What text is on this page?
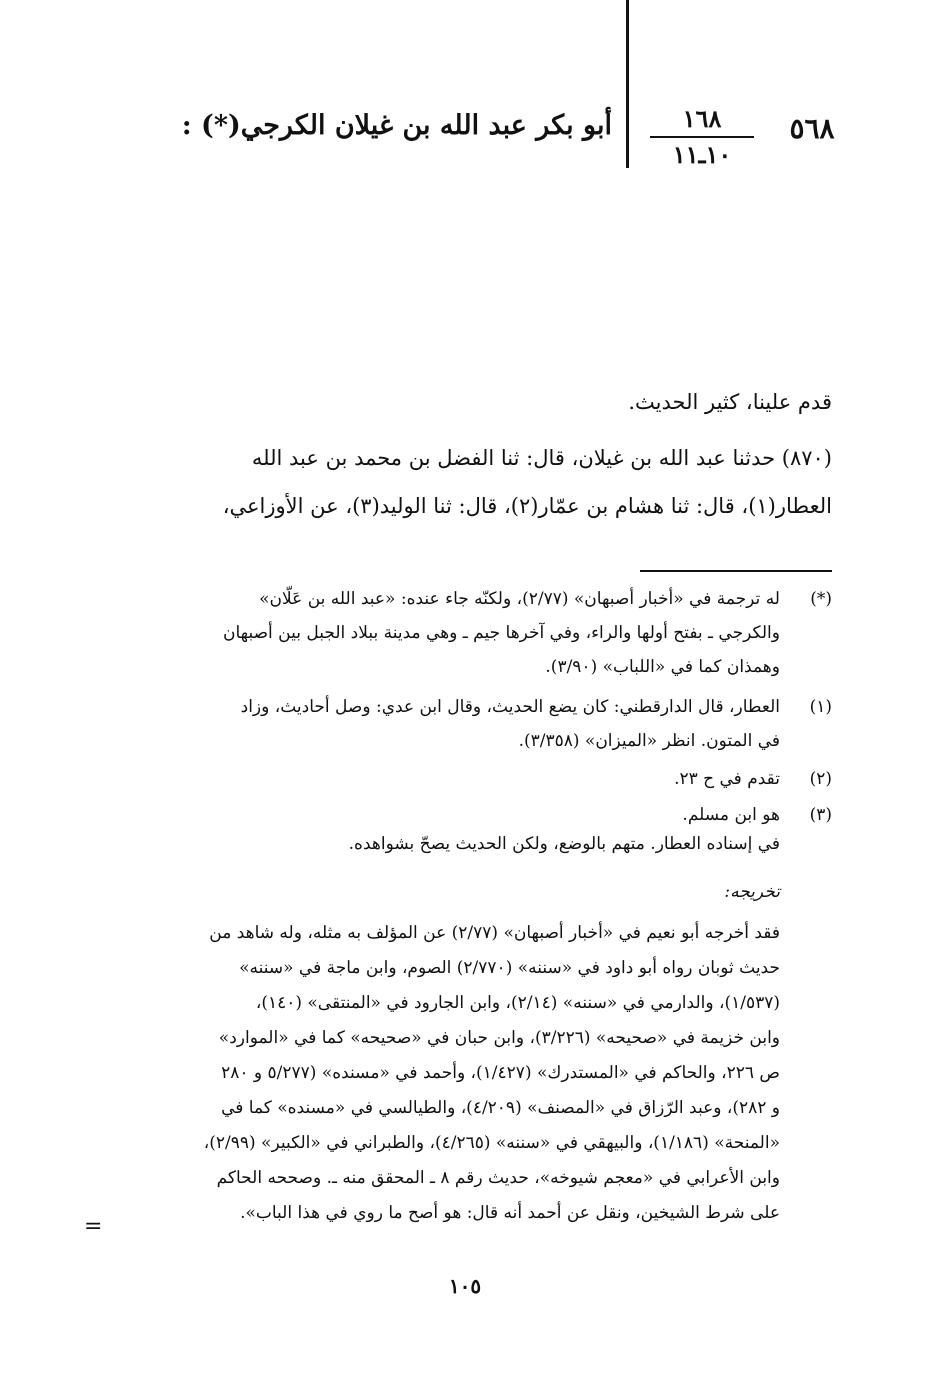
٥٦٨
١٦٨
١٠ـ١١
أبو بكر عبد الله بن غيلان الكرجي(*) :
قدم علينا، كثير الحديث.
(٨٧٠) حدثنا عبد الله بن غيلان، قال: ثنا الفضل بن محمد بن عبد الله
العطار(١)، قال: ثنا هشام بن عمّار(٢)، قال: ثنا الوليد(٣)، عن الأوزاعي،
(*)
له ترجمة في «أخبار أصبهان» (٢/٧٧)، ولكنّه جاء عنده: «عبد الله بن عَلّان»
والكرجي ـ بفتح أولها والراء، وفي آخرها جيم ـ وهي مدينة ببلاد الجبل بين أصبهان
وهمذان كما في «اللباب» (٣/٩٠).
(١)
العطار، قال الدارقطني: كان يضع الحديث، وقال ابن عدي: وصل أحاديث، وزاد
في المتون. انظر «الميزان» (٣/٣٥٨).
(٢)
تقدم في ح ٢٣.
(٣)
هو ابن مسلم.
في إسناده العطار. متهم بالوضع، ولكن الحديث يصحّ بشواهده.
تخريجه:
فقد أخرجه أبو نعيم في «أخبار أصبهان» (٢/٧٧) عن المؤلف به مثله، وله شاهد من
حديث ثوبان رواه أبو داود في «سننه» (٢/٧٧٠) الصوم، وابن ماجة في «سننه»
(١/٥٣٧)، والدارمي في «سننه» (٢/١٤)، وابن الجارود في «المنتقى» (١٤٠)،
وابن خزيمة في «صحيحه» (٣/٢٢٦)، وابن حبان في «صحيحه» كما في «الموارد»
ص ٢٢٦، والحاكم في «المستدرك» (١/٤٢٧)، وأحمد في «مسنده» (٥/٢٧٧ و ٢٨٠
و ٢٨٢)، وعبد الرّزاق في «المصنف» (٤/٢٠٩)، والطيالسي في «مسنده» كما في
«المنحة» (١/١٨٦)، والبيهقي في «سننه» (٤/٢٦٥)، والطبراني في «الكبير» (٢/٩٩)،
وابن الأعرابي في «معجم شيوخه»، حديث رقم ٨ ـ المحقق منه ـ. وصححه الحاكم
على شرط الشيخين، ونقل عن أحمد أنه قال: هو أصح ما روي في هذا الباب».
=
١٠٥
